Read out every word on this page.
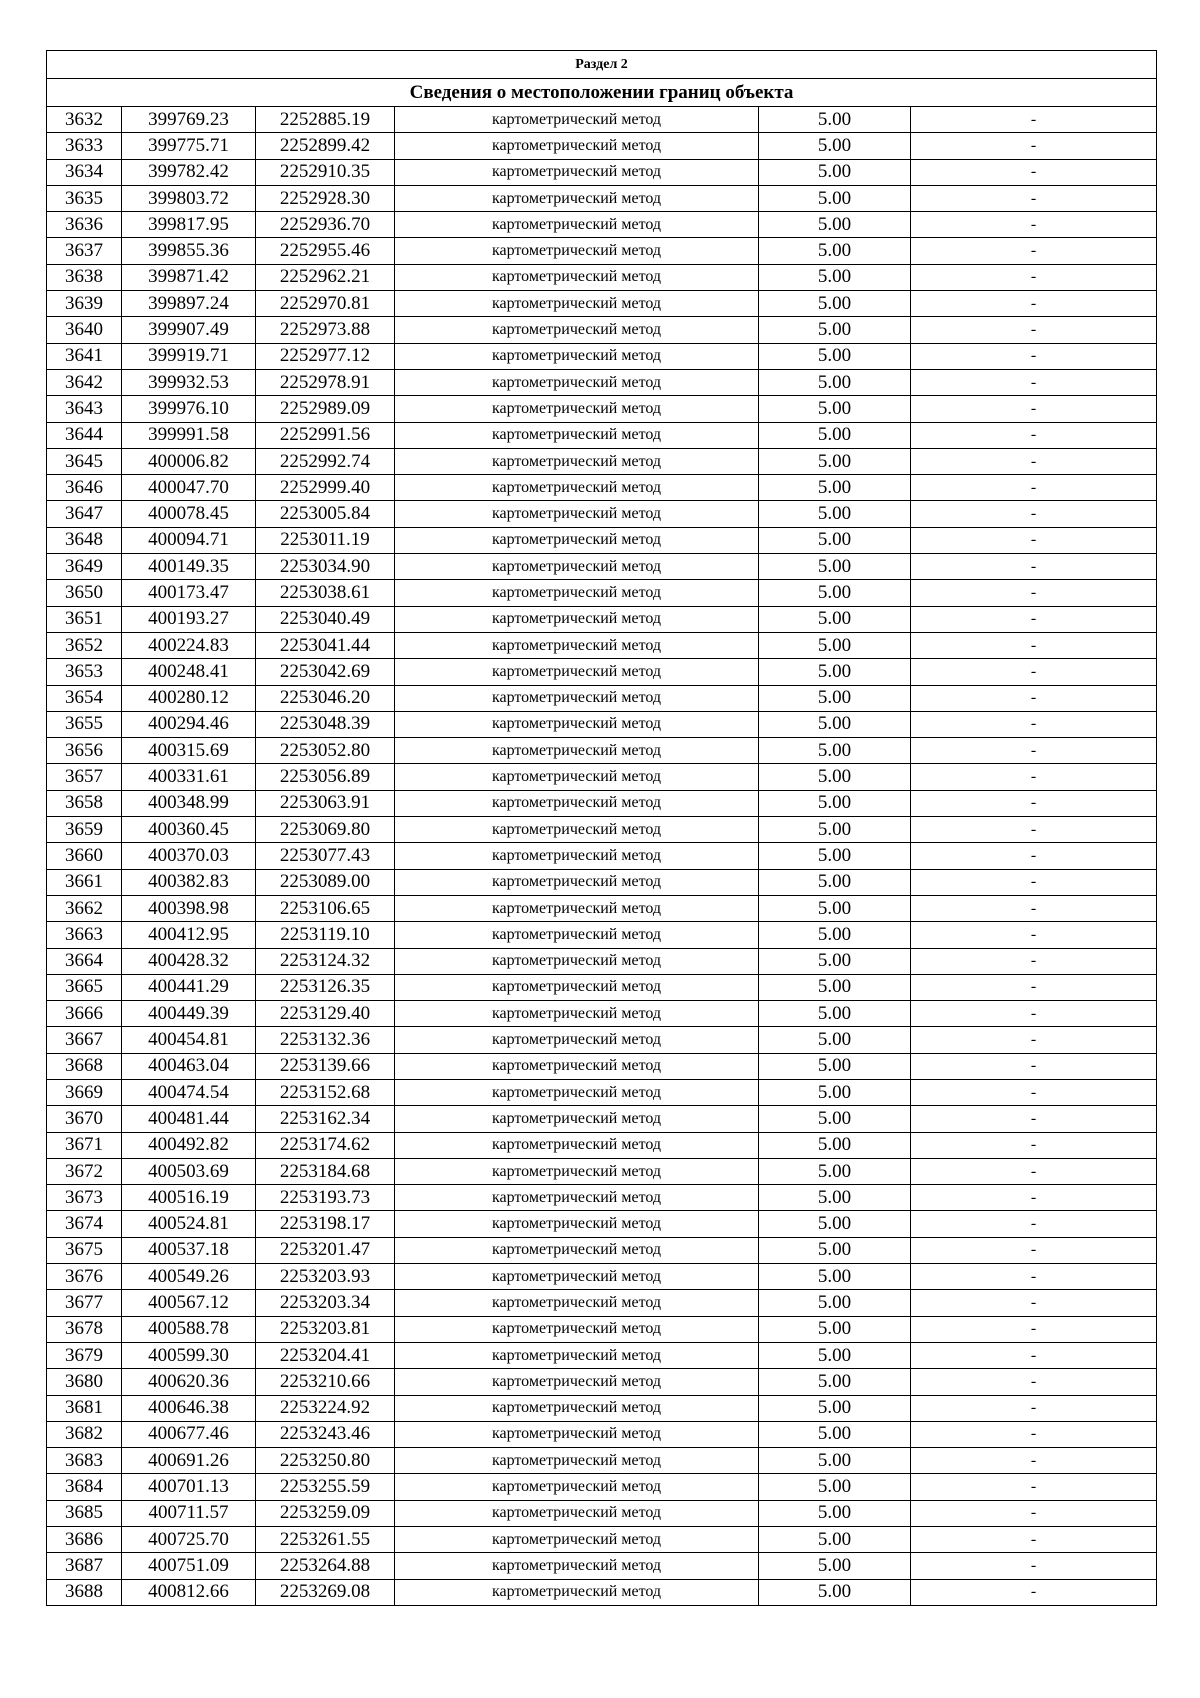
Раздел 2					
Сведения о местоположении границ объекта					
3632	399769.23	2252885.19	картометрический метод	5.00	-
3633	399775.71	2252899.42	картометрический метод	5.00	-
3634	399782.42	2252910.35	картометрический метод	5.00	-
3635	399803.72	2252928.30	картометрический метод	5.00	-
3636	399817.95	2252936.70	картометрический метод	5.00	-
3637	399855.36	2252955.46	картометрический метод	5.00	-
3638	399871.42	2252962.21	картометрический метод	5.00	-
3639	399897.24	2252970.81	картометрический метод	5.00	-
3640	399907.49	2252973.88	картометрический метод	5.00	-
3641	399919.71	2252977.12	картометрический метод	5.00	-
3642	399932.53	2252978.91	картометрический метод	5.00	-
3643	399976.10	2252989.09	картометрический метод	5.00	-
3644	399991.58	2252991.56	картометрический метод	5.00	-
3645	400006.82	2252992.74	картометрический метод	5.00	-
3646	400047.70	2252999.40	картометрический метод	5.00	-
3647	400078.45	2253005.84	картометрический метод	5.00	-
3648	400094.71	2253011.19	картометрический метод	5.00	-
3649	400149.35	2253034.90	картометрический метод	5.00	-
3650	400173.47	2253038.61	картометрический метод	5.00	-
3651	400193.27	2253040.49	картометрический метод	5.00	-
3652	400224.83	2253041.44	картометрический метод	5.00	-
3653	400248.41	2253042.69	картометрический метод	5.00	-
3654	400280.12	2253046.20	картометрический метод	5.00	-
3655	400294.46	2253048.39	картометрический метод	5.00	-
3656	400315.69	2253052.80	картометрический метод	5.00	-
3657	400331.61	2253056.89	картометрический метод	5.00	-
3658	400348.99	2253063.91	картометрический метод	5.00	-
3659	400360.45	2253069.80	картометрический метод	5.00	-
3660	400370.03	2253077.43	картометрический метод	5.00	-
3661	400382.83	2253089.00	картометрический метод	5.00	-
3662	400398.98	2253106.65	картометрический метод	5.00	-
3663	400412.95	2253119.10	картометрический метод	5.00	-
3664	400428.32	2253124.32	картометрический метод	5.00	-
3665	400441.29	2253126.35	картометрический метод	5.00	-
3666	400449.39	2253129.40	картометрический метод	5.00	-
3667	400454.81	2253132.36	картометрический метод	5.00	-
3668	400463.04	2253139.66	картометрический метод	5.00	-
3669	400474.54	2253152.68	картометрический метод	5.00	-
3670	400481.44	2253162.34	картометрический метод	5.00	-
3671	400492.82	2253174.62	картометрический метод	5.00	-
3672	400503.69	2253184.68	картометрический метод	5.00	-
3673	400516.19	2253193.73	картометрический метод	5.00	-
3674	400524.81	2253198.17	картометрический метод	5.00	-
3675	400537.18	2253201.47	картометрический метод	5.00	-
3676	400549.26	2253203.93	картометрический метод	5.00	-
3677	400567.12	2253203.34	картометрический метод	5.00	-
3678	400588.78	2253203.81	картометрический метод	5.00	-
3679	400599.30	2253204.41	картометрический метод	5.00	-
3680	400620.36	2253210.66	картометрический метод	5.00	-
3681	400646.38	2253224.92	картометрический метод	5.00	-
3682	400677.46	2253243.46	картометрический метод	5.00	-
3683	400691.26	2253250.80	картометрический метод	5.00	-
3684	400701.13	2253255.59	картометрический метод	5.00	-
3685	400711.57	2253259.09	картометрический метод	5.00	-
3686	400725.70	2253261.55	картометрический метод	5.00	-
3687	400751.09	2253264.88	картометрический метод	5.00	-
3688	400812.66	2253269.08	картометрический метод	5.00	-
